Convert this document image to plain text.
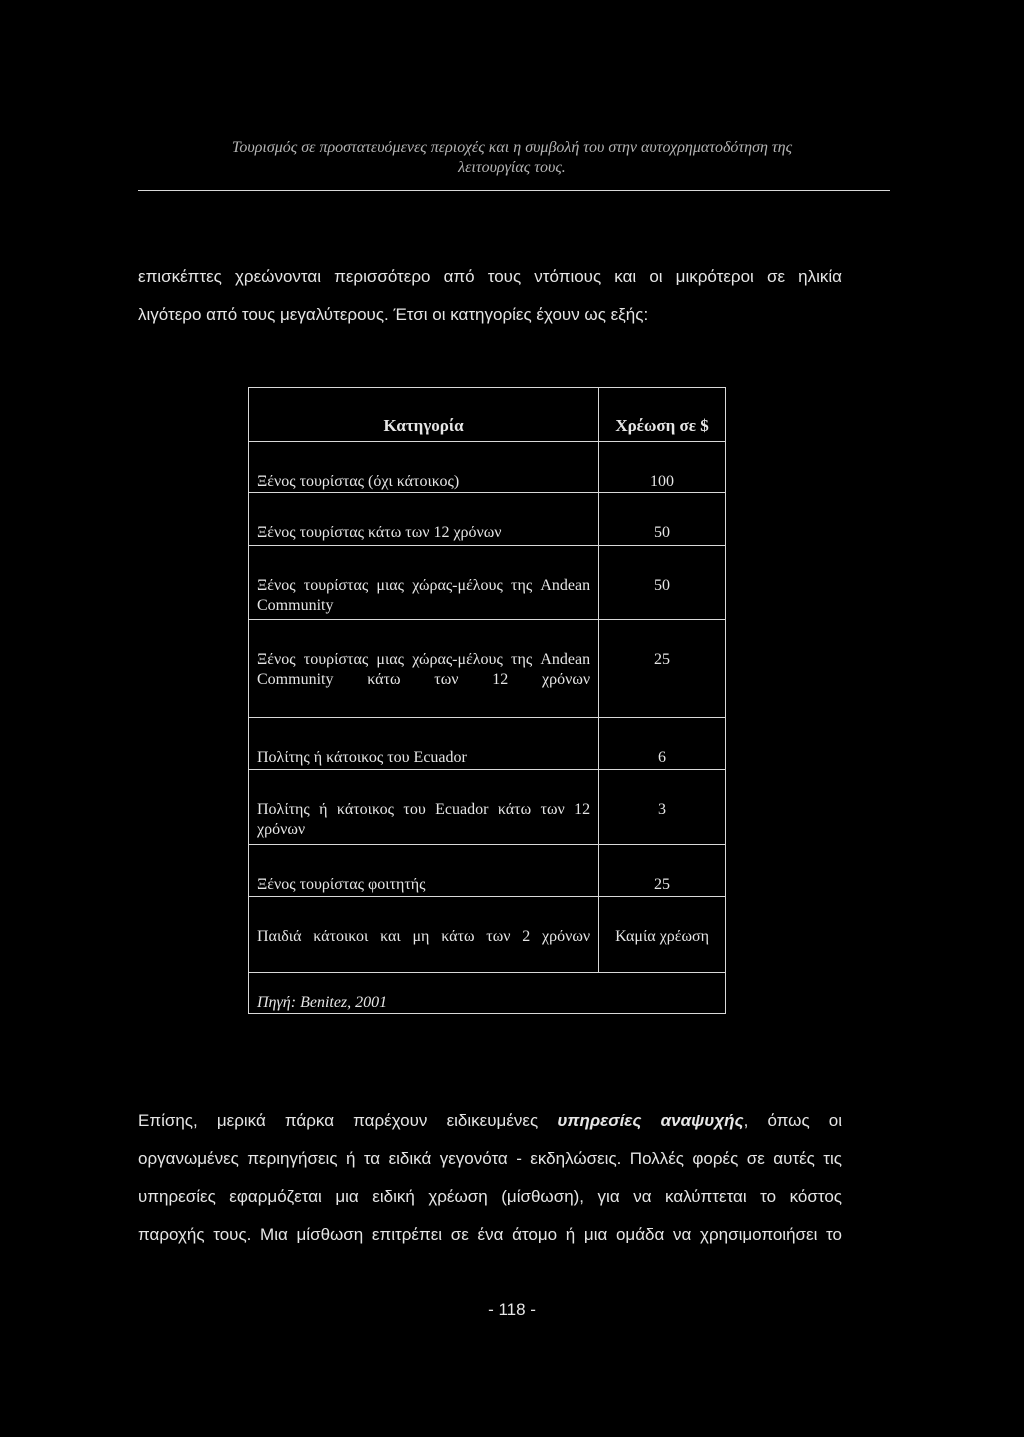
Τουρισμός σε προστατευόμενες περιοχές και η συμβολή του στην αυτοχρηματοδότηση της
λειτουργίας τους.
επισκέπτες χρεώνονται περισσότερο από τους ντόπιους και οι μικρότεροι σε ηλικία
λιγότερο από τους μεγαλύτερους. Έτσι οι κατηγορίες έχουν ως εξής:
Κατηγορία	Χρέωση σε $
Ξένος τουρίστας (όχι κάτοικος)	100
Ξένος τουρίστας κάτω των 12 χρόνων	50
Ξένος τουρίστας μιας χώρας-μέλους της Andean Community	50
Ξένος τουρίστας μιας χώρας-μέλους της Andean Community κάτω των 12 χρόνων	25
Πολίτης ή κάτοικος του Ecuador	6
Πολίτης ή κάτοικος του Ecuador κάτω των 12 χρόνων	3
Ξένος τουρίστας φοιτητής	25
Παιδιά κάτοικοι και μη κάτω των 2 χρόνων	Καμία χρέωση
Πηγή: Benitez, 2001	
Επίσης, μερικά πάρκα παρέχουν ειδικευμένες υπηρεσίες αναψυχής, όπως οι
οργανωμένες περιηγήσεις ή τα ειδικά γεγονότα - εκδηλώσεις. Πολλές φορές σε αυτές τις
υπηρεσίες εφαρμόζεται μια ειδική χρέωση (μίσθωση), για να καλύπτεται το κόστος
παροχής τους. Μια μίσθωση επιτρέπει σε ένα άτομο ή μια ομάδα να χρησιμοποιήσει το
- 118 -
